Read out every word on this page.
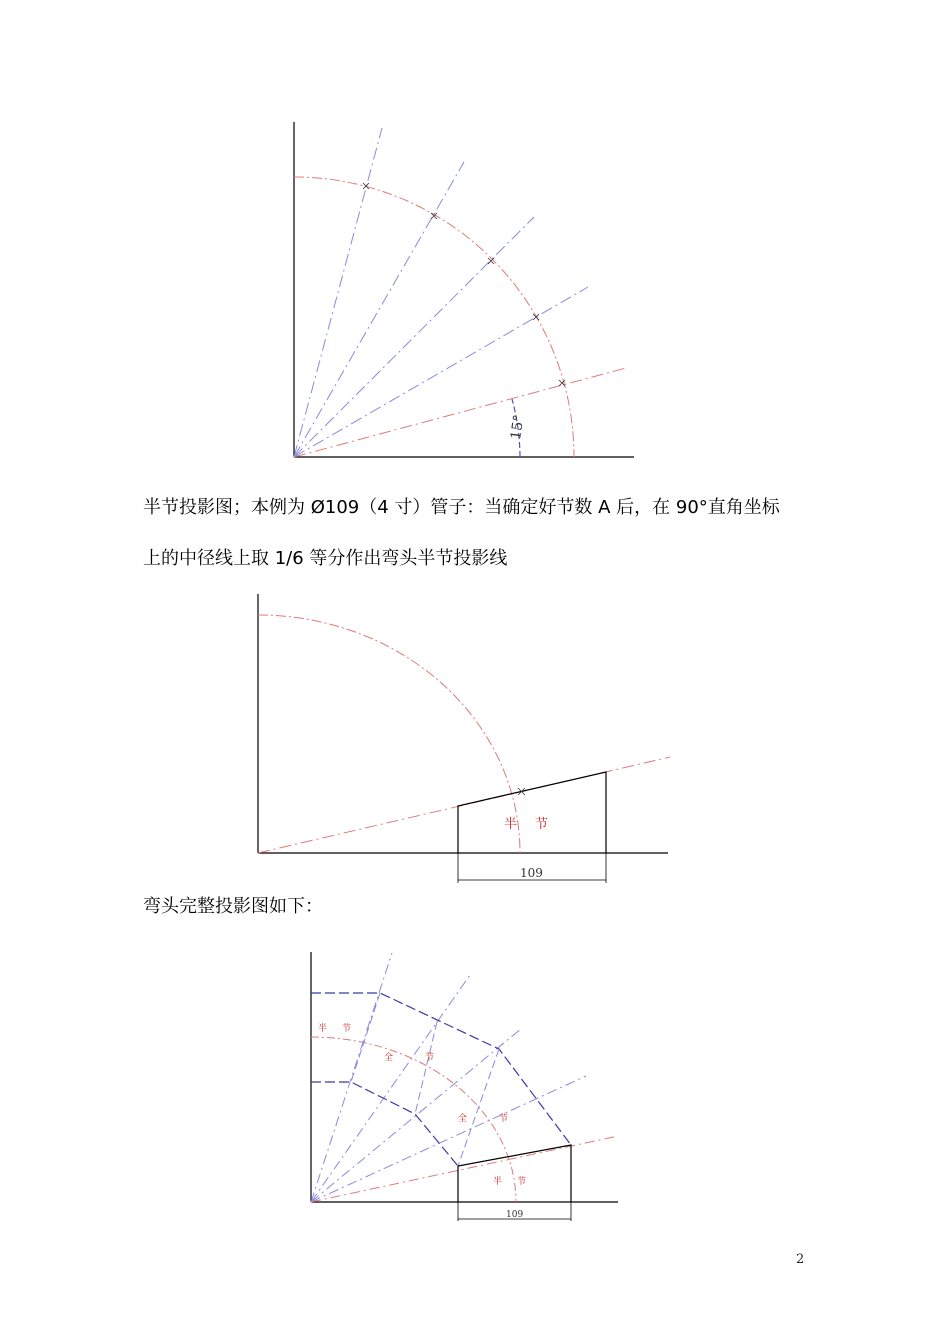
15°
半节投影图；本例为 Ø109（4 寸）管子：当确定好节数 A 后，在 90°直角坐标
上的中径线上取 1/6 等分作出弯头半节投影线
半 节
109
弯头完整投影图如下：
半 节
全	节
全	节
半 节
109
2
